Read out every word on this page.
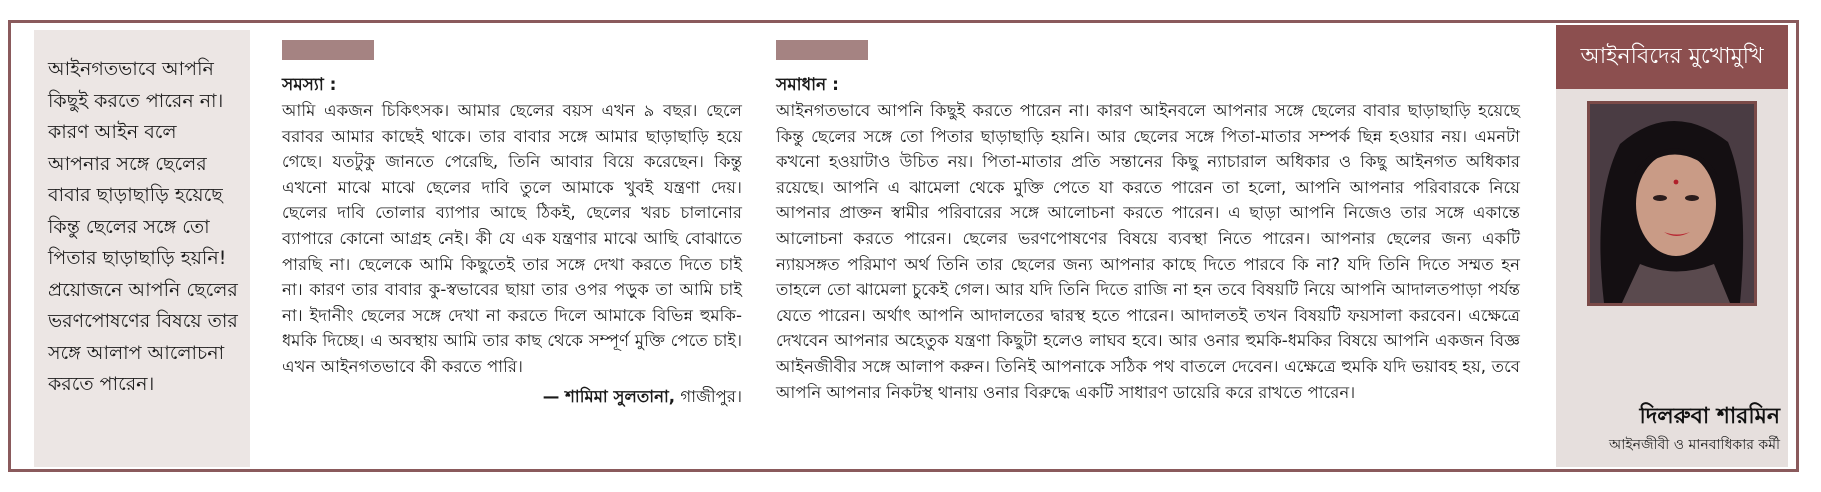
আইনগতভাবে আপনি কিছুই করতে পারেন না। কারণ আইন বলে আপনার সঙ্গে ছেলের বাবার ছাড়াছাড়ি হয়েছে কিন্তু ছেলের সঙ্গে তো পিতার ছাড়াছাড়ি হয়নি! প্রয়োজনে আপনি ছেলের ভরণপোষণের বিষয়ে তার সঙ্গে আলাপ আলোচনা করতে পারেন।

সমস্যা :

আমি একজন চিকিৎসক। আমার ছেলের বয়স এখন ৯ বছর। ছেলে বরাবর আমার কাছেই থাকে। তার বাবার সঙ্গে আমার ছাড়াছাড়ি হয়ে গেছে। যতটুকু জানতে পেরেছি, তিনি আবার বিয়ে করেছেন। কিন্তু এখনো মাঝে মাঝে ছেলের দাবি তুলে আমাকে খুবই যন্ত্রণা দেয়। ছেলের দাবি তোলার ব্যাপার আছে ঠিকই, ছেলের খরচ চালানোর ব্যাপারে কোনো আগ্রহ নেই। কী যে এক যন্ত্রণার মাঝে আছি বোঝাতে পারছি না। ছেলেকে আমি কিছুতেই তার সঙ্গে দেখা করতে দিতে চাই না। কারণ তার বাবার কু-স্বভাবের ছায়া তার ওপর পড়ুক তা আমি চাই না। ইদানীং ছেলের সঙ্গে দেখা না করতে দিলে আমাকে বিভিন্ন হুমকি-ধমকি দিচ্ছে। এ অবস্থায় আমি তার কাছ থেকে সম্পূর্ণ মুক্তি পেতে চাই। এখন আইনগতভাবে কী করতে পারি।

— শামিমা সুলতানা, গাজীপুর।

সমাধান :

আইনগতভাবে আপনি কিছুই করতে পারেন না। কারণ আইনবলে আপনার সঙ্গে ছেলের বাবার ছাড়াছাড়ি হয়েছে কিন্তু ছেলের সঙ্গে তো পিতার ছাড়াছাড়ি হয়নি। আর ছেলের সঙ্গে পিতা-মাতার সম্পর্ক ছিন্ন হওয়ার নয়। এমনটা কখনো হওয়াটাও উচিত নয়। পিতা-মাতার প্রতি সন্তানের কিছু ন্যাচারাল অধিকার ও কিছু আইনগত অধিকার রয়েছে। আপনি এ ঝামেলা থেকে মুক্তি পেতে যা করতে পারেন তা হলো, আপনি আপনার পরিবারকে নিয়ে আপনার প্রাক্তন স্বামীর পরিবারের সঙ্গে আলোচনা করতে পারেন। এ ছাড়া আপনি নিজেও তার সঙ্গে একান্তে আলোচনা করতে পারেন। ছেলের ভরণপোষণের বিষয়ে ব্যবস্থা নিতে পারেন। আপনার ছেলের জন্য একটি ন্যায়সঙ্গত পরিমাণ অর্থ তিনি তার ছেলের জন্য আপনার কাছে দিতে পারবে কি না? যদি তিনি দিতে সম্মত হন তাহলে তো ঝামেলা চুকেই গেল। আর যদি তিনি দিতে রাজি না হন তবে বিষয়টি নিয়ে আপনি আদালতপাড়া পর্যন্ত যেতে পারেন। অর্থাৎ আপনি আদালতের দ্বারস্থ হতে পারেন। আদালতই তখন বিষয়টি ফয়সালা করবেন। এক্ষেত্রে দেখবেন আপনার অহেতুক যন্ত্রণা কিছুটা হলেও লাঘব হবে। আর ওনার হুমকি-ধমকির বিষয়ে আপনি একজন বিজ্ঞ আইনজীবীর সঙ্গে আলাপ করুন। তিনিই আপনাকে সঠিক পথ বাতলে দেবেন। এক্ষেত্রে হুমকি যদি ভয়াবহ হয়, তবে আপনি আপনার নিকটস্থ থানায় ওনার বিরুদ্ধে একটি সাধারণ ডায়েরি করে রাখতে পারেন।

আইনবিদের মুখোমুখি
দিলরুবা শারমিন
আইনজীবী ও মানবাধিকার কর্মী
